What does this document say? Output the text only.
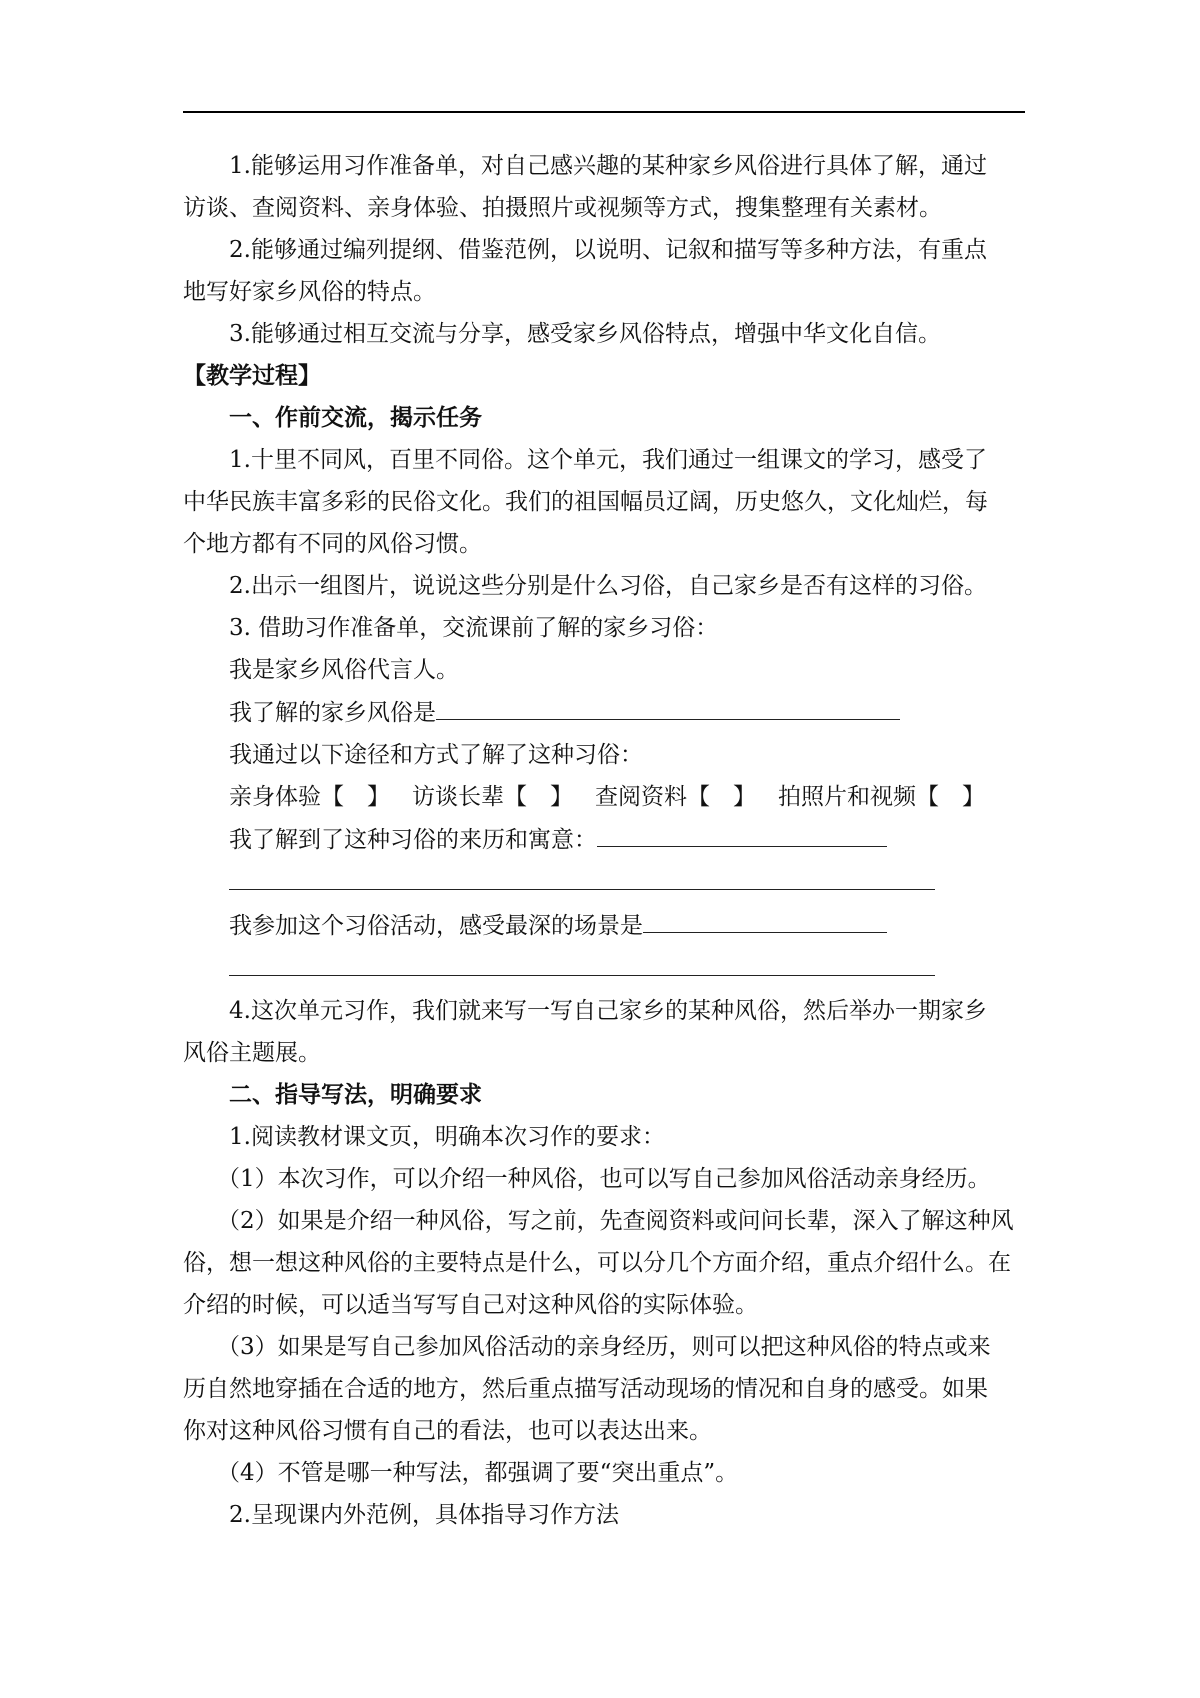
1.能够运用习作准备单，对自己感兴趣的某种家乡风俗进行具体了解，通过

访谈、查阅资料、亲身体验、拍摄照片或视频等方式，搜集整理有关素材。

2.能够通过编列提纲、借鉴范例，以说明、记叙和描写等多种方法，有重点

地写好家乡风俗的特点。

3.能够通过相互交流与分享，感受家乡风俗特点，增强中华文化自信。

【教学过程】

一、作前交流，揭示任务

1.十里不同风，百里不同俗。这个单元，我们通过一组课文的学习，感受了

中华民族丰富多彩的民俗文化。我们的祖国幅员辽阔，历史悠久，文化灿烂，每

个地方都有不同的风俗习惯。

2.出示一组图片，说说这些分别是什么习俗，自己家乡是否有这样的习俗。

3. 借助习作准备单，交流课前了解的家乡习俗：

我是家乡风俗代言人。

我了解的家乡风俗是

我通过以下途径和方式了解了这种习俗：

亲身体验【　】 访谈长辈【　】 查阅资料【　】 拍照片和视频【　】

我了解到了这种习俗的来历和寓意：

我参加这个习俗活动，感受最深的场景是

4.这次单元习作，我们就来写一写自己家乡的某种风俗，然后举办一期家乡

风俗主题展。

二、指导写法，明确要求

1.阅读教材课文页，明确本次习作的要求：

（1）本次习作，可以介绍一种风俗，也可以写自己参加风俗活动亲身经历。

（2）如果是介绍一种风俗，写之前，先查阅资料或问问长辈，深入了解这种风

俗，想一想这种风俗的主要特点是什么，可以分几个方面介绍，重点介绍什么。在

介绍的时候，可以适当写写自己对这种风俗的实际体验。

（3）如果是写自己参加风俗活动的亲身经历，则可以把这种风俗的特点或来

历自然地穿插在合适的地方，然后重点描写活动现场的情况和自身的感受。如果

你对这种风俗习惯有自己的看法，也可以表达出来。

（4）不管是哪一种写法，都强调了要“突出重点”。

2.呈现课内外范例，具体指导习作方法
